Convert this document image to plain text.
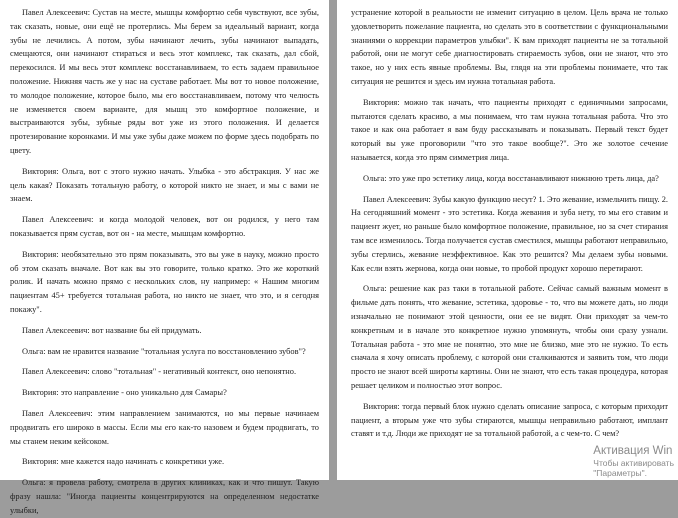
Павел Алексеевич: Сустав на месте, мышцы комфортно себя чувствуют, все зубы, так сказать, новые, они ещё не протерлись. Мы берем за идеальный вариант, когда зубы не лечились. А потом, зубы начинают лечить, зубы начинают выпадать, смещаются, они начинают стираться и весь этот комплекс, так сказать, дал сбой, перекосился. И мы весь этот комплекс восстанавливаем, то есть задаем правильное положение. Нижняя часть же у нас на суставе работает. Мы вот то новое положение, то молодое положение, которое было, мы его восстанавливаем, потому что челюсть не изменяется своем варианте, для мышц это комфортное положение, и выстраиваются зубы, зубные ряды вот уже из этого положения. И делается протезирование коронками. И мы уже зубы даже можем по форме здесь подобрать по цвету.

Виктория: Ольга, вот с этого нужно начать. Улыбка - это абстракция. У нас же цель какая? Показать тотальную работу, о которой никто не знает, и мы с вами не знаем.

Павел Алексеевич: и когда молодой человек, вот он родился, у него там показывается прям сустав, вот он - на месте, мышцам комфортно.

Виктория: необязательно это прям показывать, это вы уже в науку, можно просто об этом сказать вначале. Вот как вы это говорите, только кратко. Это же короткий ролик. И начать можно прямо с нескольких слов, ну например: « Нашим многим пациентам 45+ требуется тотальная работа, но никто не знает, что это, и я сегодня покажу".

Павел Алексеевич: вот название бы ей придумать.

Ольга: вам не нравится название "тотальная услуга по восстановлению зубов"?

Павел Алексеевич: слово "тотальная" - негативный контекст, оно непонятно.

Виктория: это направление - оно уникально для Самары?

Павел Алексеевич: этим направлением занимаются, но мы первые начинаем продвигать его широко в массы. Если мы его как-то назовем и будем продвигать, то мы станем неким кейсоком.

Виктория: мне кажется надо начинать с конкретики уже.

Ольга: я провела работу, смотрела в других клиниках, как и что пишут. Такую фразу нашла: "Иногда пациенты концентрируются на определенном недостатке улыбки,

устранение которой в реальности не изменит ситуацию в целом. Цель врача не только удовлетворить пожелание пациента, но сделать это в соответствии с функциональными знаниями о коррекции параметров улыбки". К вам приходят пациенты не за тотальной работой, они не могут себе диагностировать стираемость зубов, они не знают, что это такое, но у них есть явные проблемы. Вы, глядя на эти проблемы понимаете, что так ситуация не решится и здесь им нужна тотальная работа.

Виктория: можно так начать, что пациенты приходят с единичными запросами, пытаются сделать красиво, а мы понимаем, что там нужна тотальная работа. Что это такое и как она работает я вам буду рассказывать и показывать. Первый текст будет который вы уже проговорили "что это такое вообще?". Это же золотое сечение называется, когда это прям симметрия лица.

Ольга: это уже про эстетику лица, когда восстанавливают нижнюю треть лица, да?

Павел Алексеевич: Зубы какую функцию несут? 1. Это жевание, измельчить пищу. 2. На сегодняшний момент - это эстетика. Когда жевания и зуба нету, то мы его ставим и пациент жует, но раньше было комфортное положение, правильное, но за счет стирания там все изменилось. Тогда получается сустав сместился, мышцы работают неправильно, зубы стерлись, жевание неэффективное. Как это решится? Мы делаем зубы новыми. Как если взять жернова, когда они новые, то пробой продукт хорошо перетирают.

Ольга: решение как раз таки в тотальной работе. Сейчас самый важным момент в фильме дать понять, что жевание, эстетика, здоровье - то, что вы можете дать, но люди изначально не понимают этой ценности, они ее не видят. Они приходят за чем-то конкретным и в начале это конкретное нужно упомянуть, чтобы они сразу узнали. Тотальная работа - это мне не понятно, это мне не близко, мне это не нужно. То есть сначала я хочу описать проблему, с которой они сталкиваются и заявить том, что люди просто не знают всей широты картины. Они не знают, что есть такая процедура, которая решает целиком и полностью этот вопрос.

Виктория: тогда первый блок нужно сделать описание запроса, с которым приходит пациент, а вторым уже что зубы стираются, мышцы неправильно работают, имплант ставят и т.д. Люди же приходят не за тотальной работой, а с чем-то. С чем?

Активация Win
Чтобы активировать
"Параметры".
